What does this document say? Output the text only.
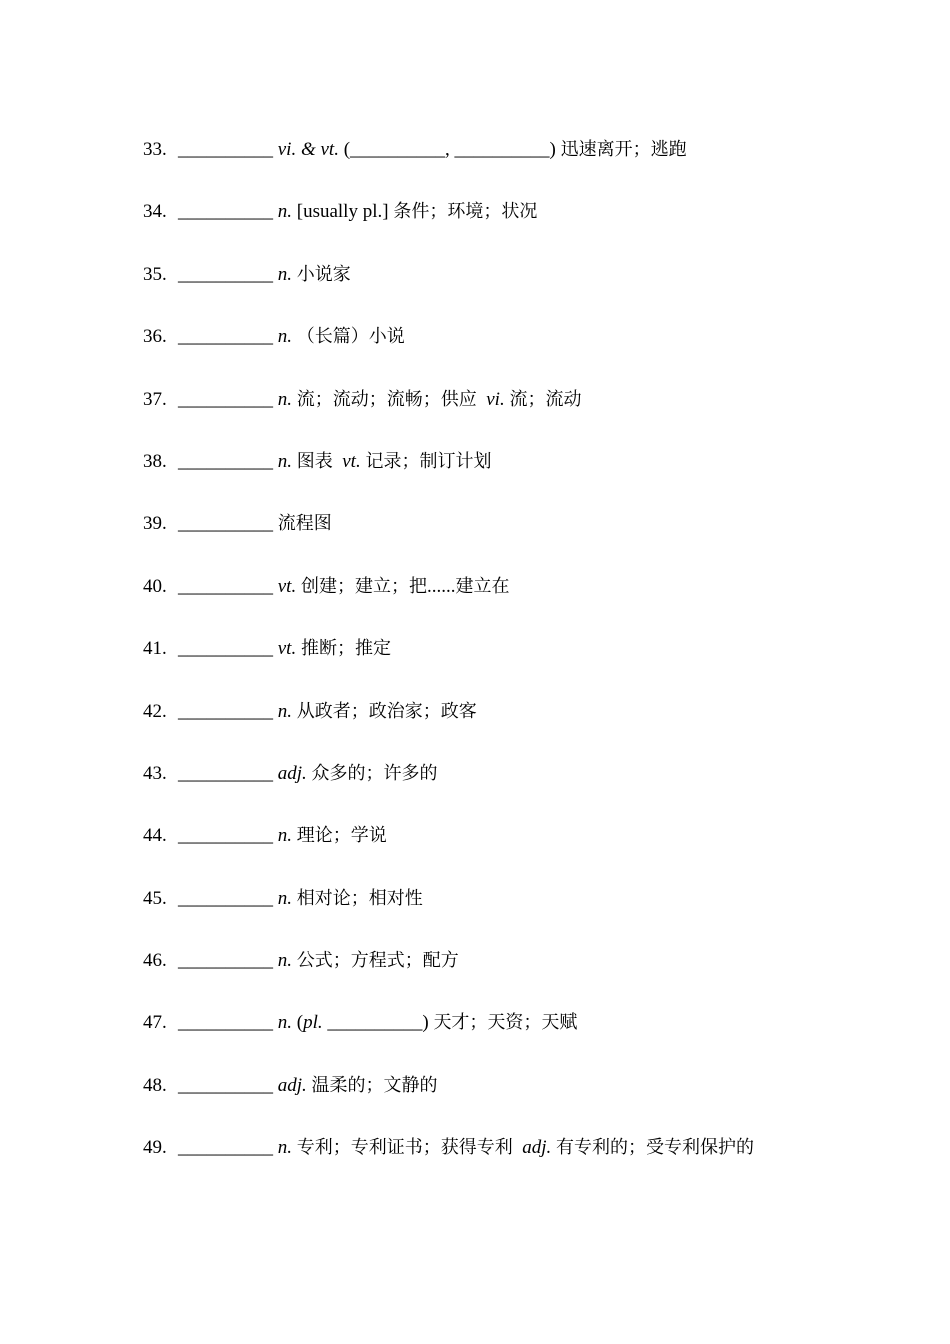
33. __________ vi. & vt. (__________, __________) 迅速离开；逃跑
34. __________ n. [usually pl.] 条件；环境；状况
35. __________ n. 小说家
36. __________ n. （长篇）小说
37. __________ n. 流；流动；流畅；供应 vi. 流；流动
38. __________ n. 图表 vt. 记录；制订计划
39. __________ 流程图
40. __________ vt. 创建；建立；把......建立在
41. __________ vt. 推断；推定
42. __________ n. 从政者；政治家；政客
43. __________ adj. 众多的；许多的
44. __________ n. 理论；学说
45. __________ n. 相对论；相对性
46. __________ n. 公式；方程式；配方
47. __________ n. (pl. __________) 天才；天资；天赋
48. __________ adj. 温柔的；文静的
49. __________ n. 专利；专利证书；获得专利 adj. 有专利的；受专利保护的
